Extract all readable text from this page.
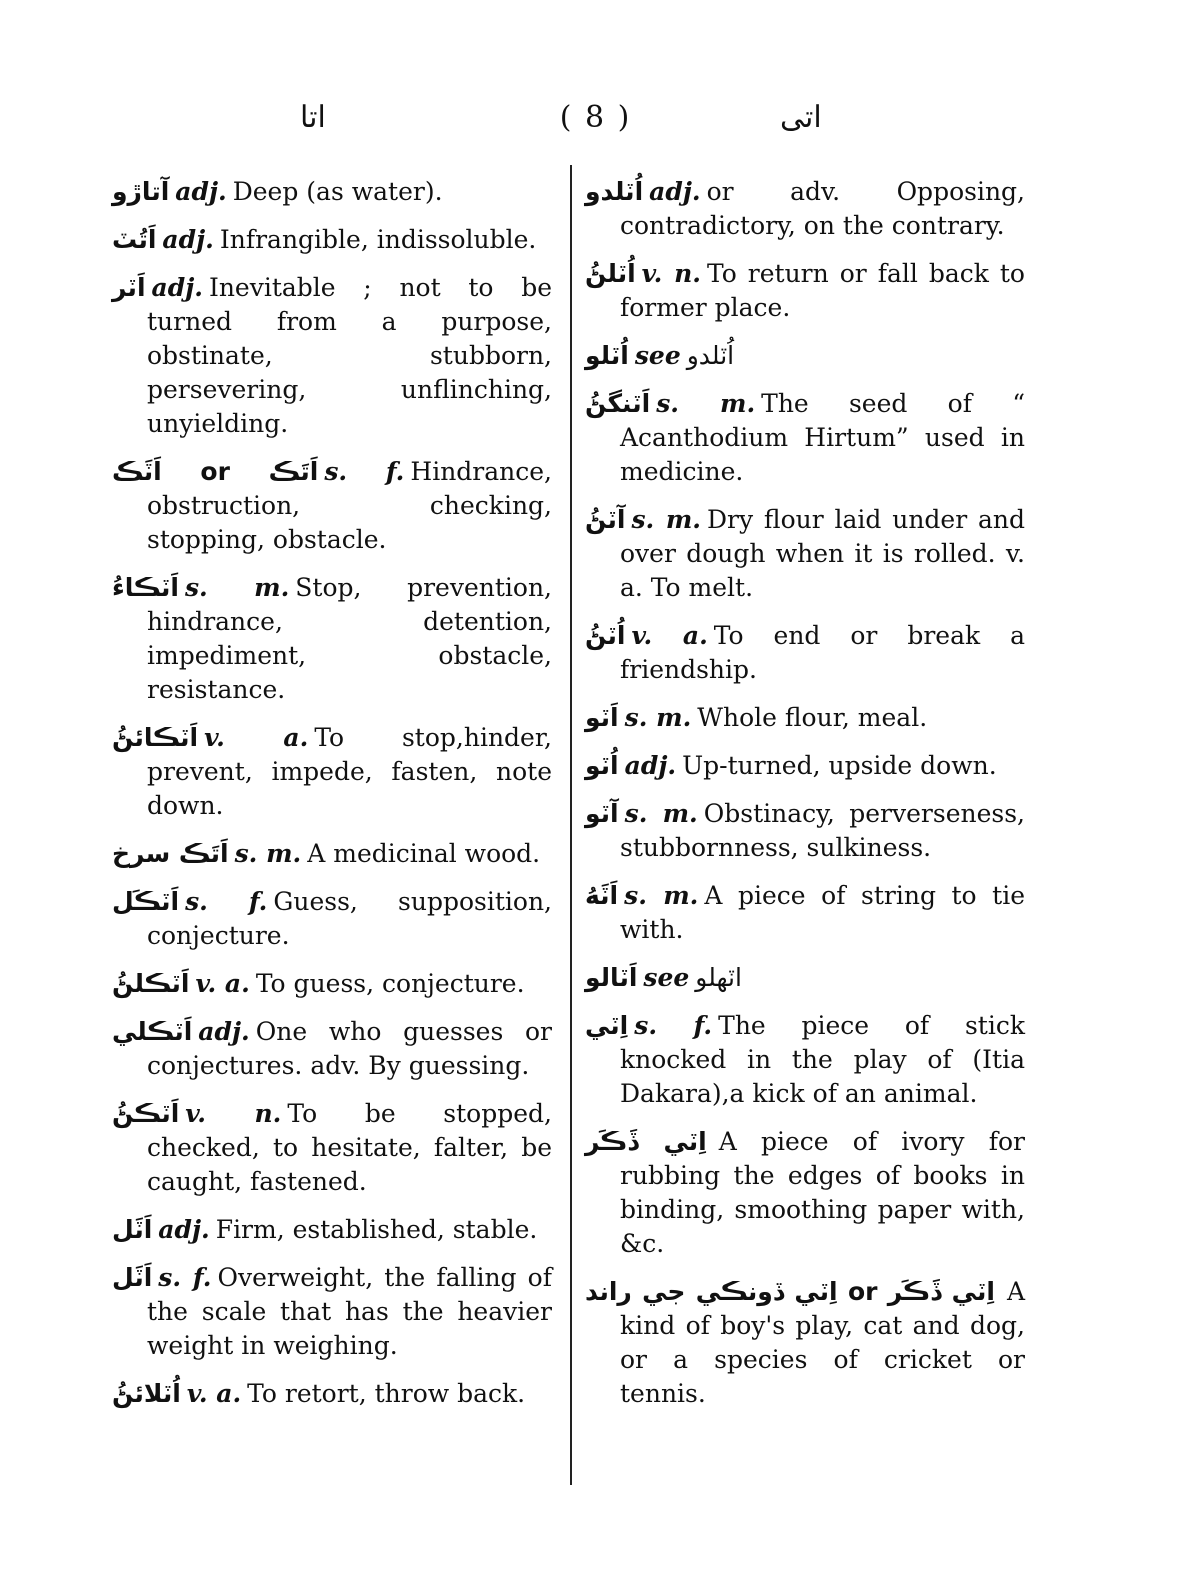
اتا	( 8 )	اتی
آتاڙو adj. Deep (as water).
اَتُٽ adj. Infrangible, indissoluble.
اَٽر adj. Inevitable ; not to be turned from a purpose, obstinate, stubborn, persevering, unflinching, unyielding.
اَتَڪ or اَٽَڪ s. f. Hindrance, obstruction, checking, stopping, obstacle.
اَٽڪاءُ s. m. Stop, prevention, hindrance, detention, impediment, obstacle, resistance.
اَٽڪائڻُ v. a. To stop,hinder, prevent, impede, fasten, note down.
اَتَڪ سرخ s. m. A medicinal wood.
اَٽڪَل s. f. Guess, supposition, conjecture.
اَٽڪلڻُ v. a. To guess, conjecture.
اَٽڪلي adj. One who guesses or conjectures. adv. By guessing.
اَٽڪڻُ v. n. To be stopped, checked, to hesitate, falter, be caught, fastened.
اَٽَل adj. Firm, established, stable.
اَٽَل s. f. Overweight, the falling of the scale that has the heavier weight in weighing.
اُٽلائڻُ v. a. To retort, throw back.
اُٽلدو adj. or adv. Opposing, contradictory, on the contrary.
اُٽلڻُ v. n. To return or fall back to former place.
اُٽلو see اُٽلدو
اَٽنگڻُ s. m. The seed of “ Acanthodium Hirtum” used in medicine.
آٽڻُ s. m. Dry flour laid under and over dough when it is rolled. v. a. To melt.
اُٽڻُ v. a. To end or break a friendship.
اَٽو s. m. Whole flour, meal.
اُٽو adj. Up-turned, upside down.
آٽو s. m. Obstinacy, perverseness, stubbornness, sulkiness.
اَٽَهُ s. m. A piece of string to tie with.
اَٽالو see اٽهلو
اِٽي s. f. The piece of stick knocked in the play of (Itia Dakara),a kick of an animal.
اِٽي ڏَڪَر A piece of ivory for rubbing the edges of books in binding, smoothing paper with, &c.
اِٽي ڏَڪَر or اِٽي ڏونڪي جي راند A kind of boy's play, cat and dog, or a species of cricket or tennis.
